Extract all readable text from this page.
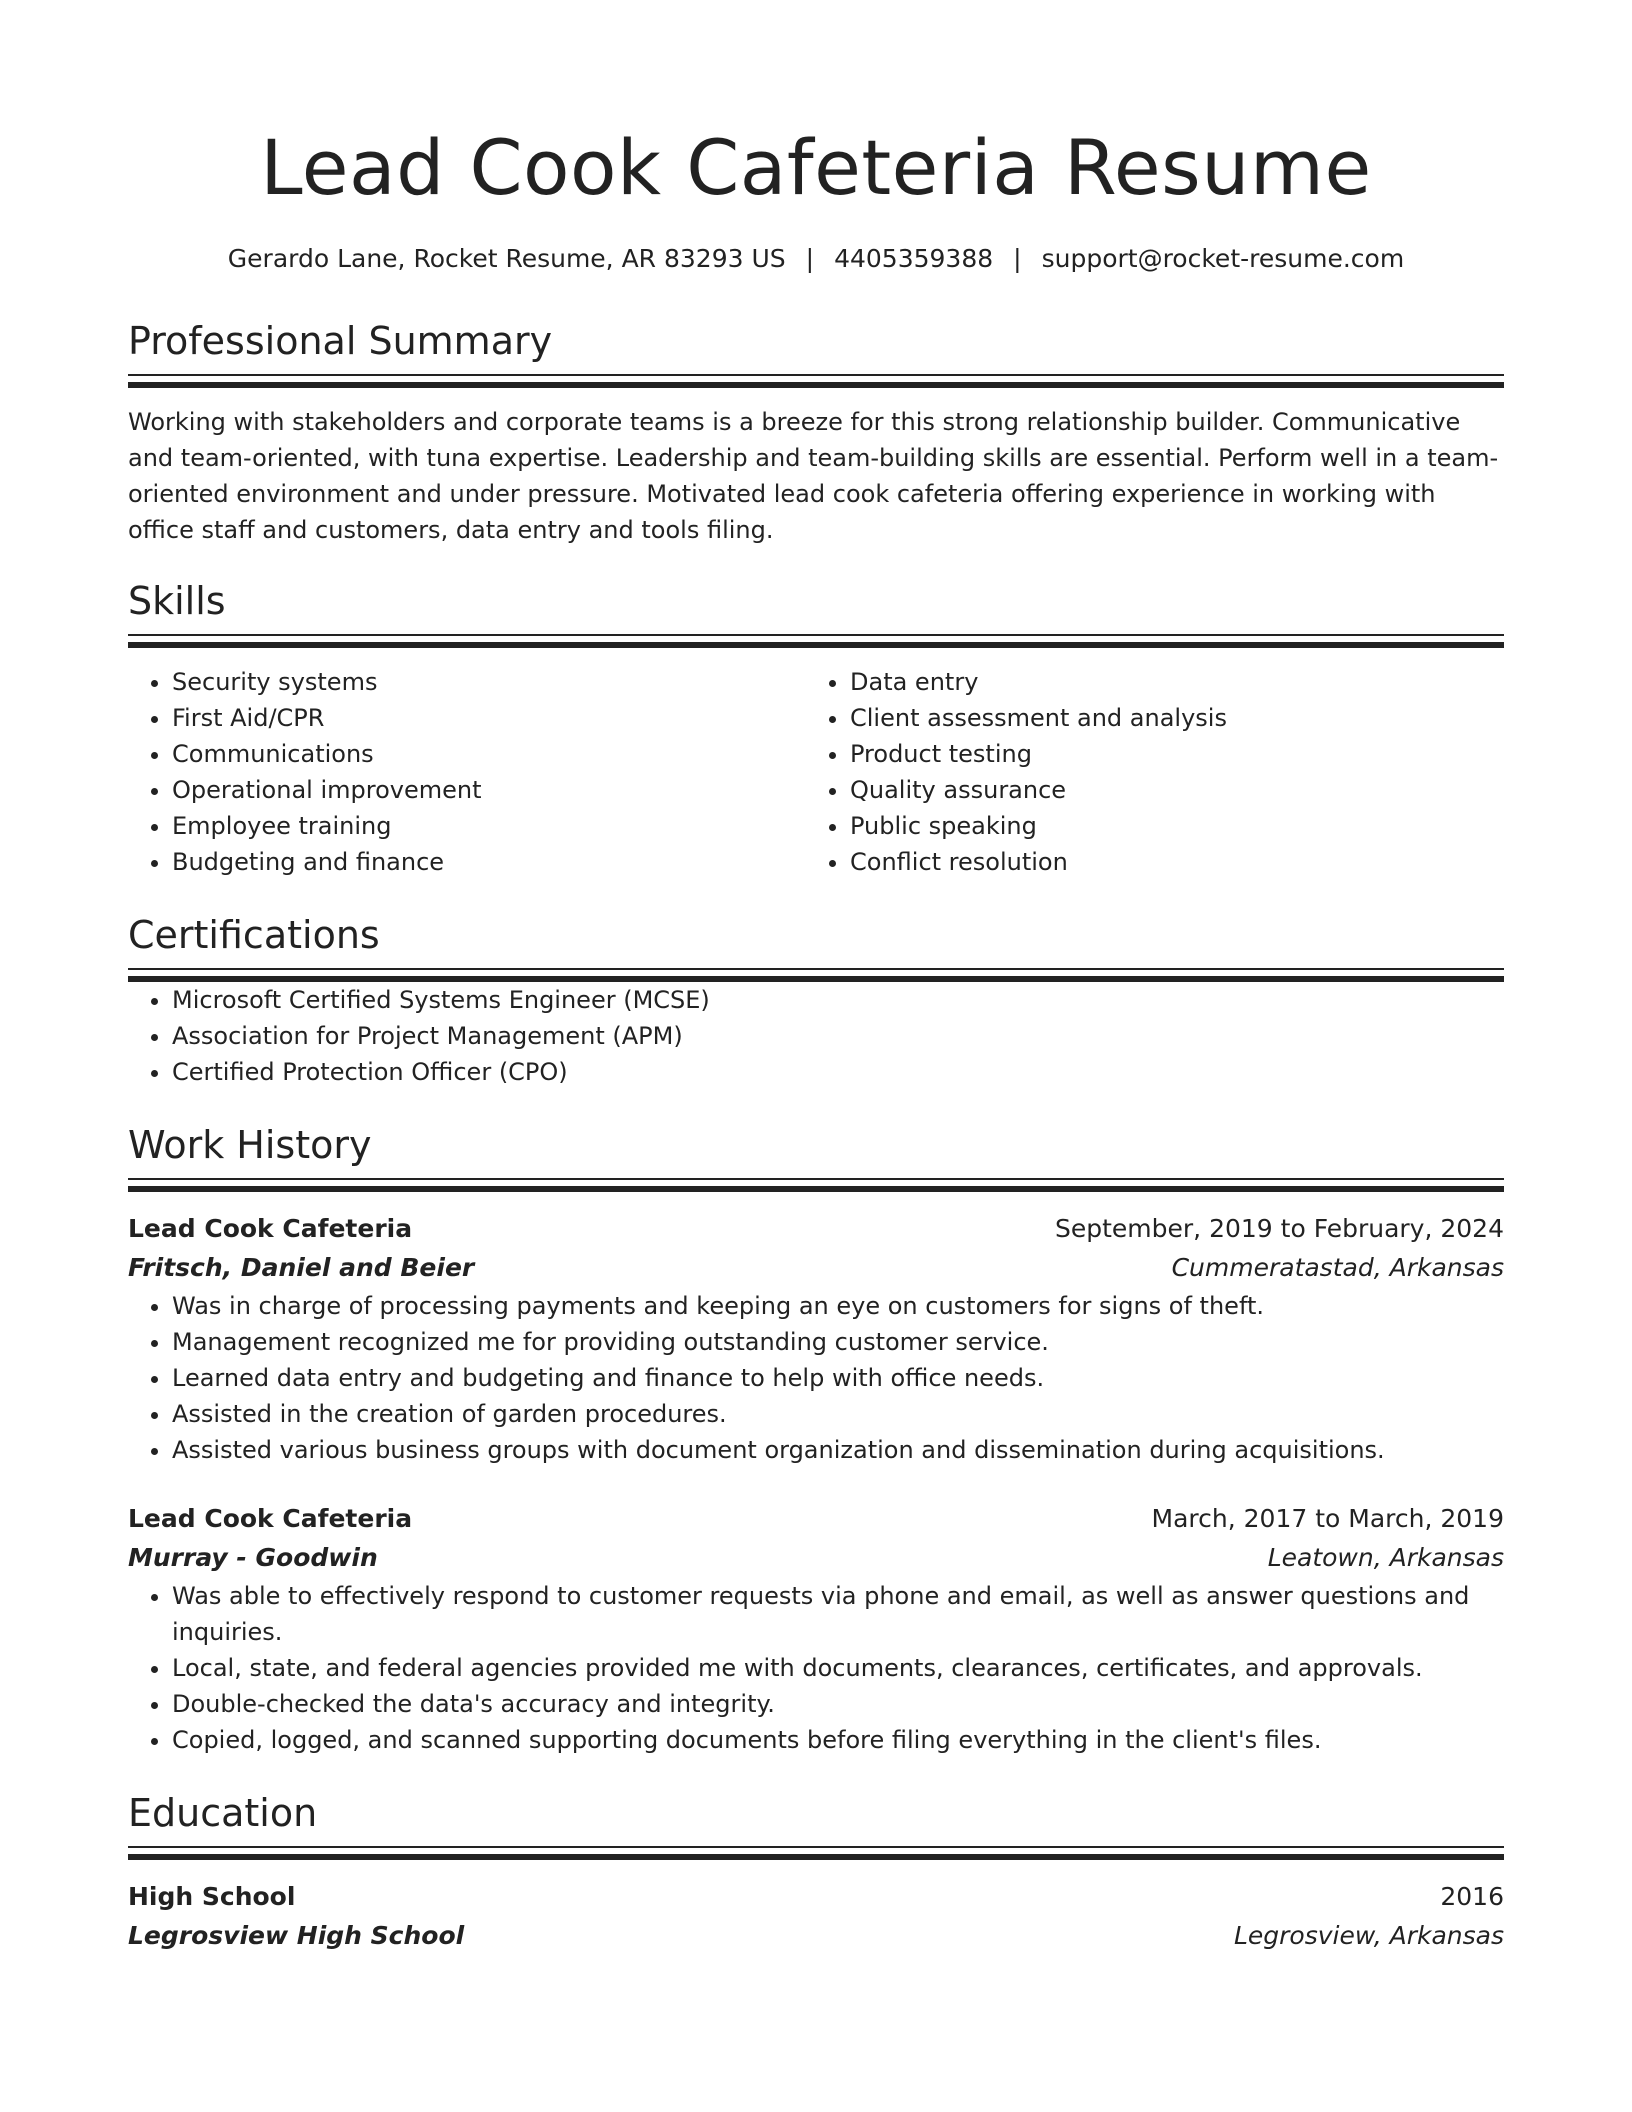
Lead Cook Cafeteria Resume
Gerardo Lane, Rocket Resume, AR 83293 US | 4405359388 | support@rocket-resume.com
Professional Summary
Working with stakeholders and corporate teams is a breeze for this strong relationship builder. Communicative and team-oriented, with tuna expertise. Leadership and team-building skills are essential. Perform well in a team-oriented environment and under pressure. Motivated lead cook cafeteria offering experience in working with office staff and customers, data entry and tools filing.
Skills
• Security systems
• First Aid/CPR
• Communications
• Operational improvement
• Employee training
• Budgeting and finance
• Data entry
• Client assessment and analysis
• Product testing
• Quality assurance
• Public speaking
• Conflict resolution
Certifications
• Microsoft Certified Systems Engineer (MCSE)
• Association for Project Management (APM)
• Certified Protection Officer (CPO)
Work History
Lead Cook Cafeteria	September, 2019 to February, 2024
Fritsch, Daniel and Beier	Cummeratastad, Arkansas
• Was in charge of processing payments and keeping an eye on customers for signs of theft.
• Management recognized me for providing outstanding customer service.
• Learned data entry and budgeting and finance to help with office needs.
• Assisted in the creation of garden procedures.
• Assisted various business groups with document organization and dissemination during acquisitions.
Lead Cook Cafeteria	March, 2017 to March, 2019
Murray - Goodwin	Leatown, Arkansas
• Was able to effectively respond to customer requests via phone and email, as well as answer questions and inquiries.
• Local, state, and federal agencies provided me with documents, clearances, certificates, and approvals.
• Double-checked the data's accuracy and integrity.
• Copied, logged, and scanned supporting documents before filing everything in the client's files.
Education
High School	2016
Legrosview High School	Legrosview, Arkansas
